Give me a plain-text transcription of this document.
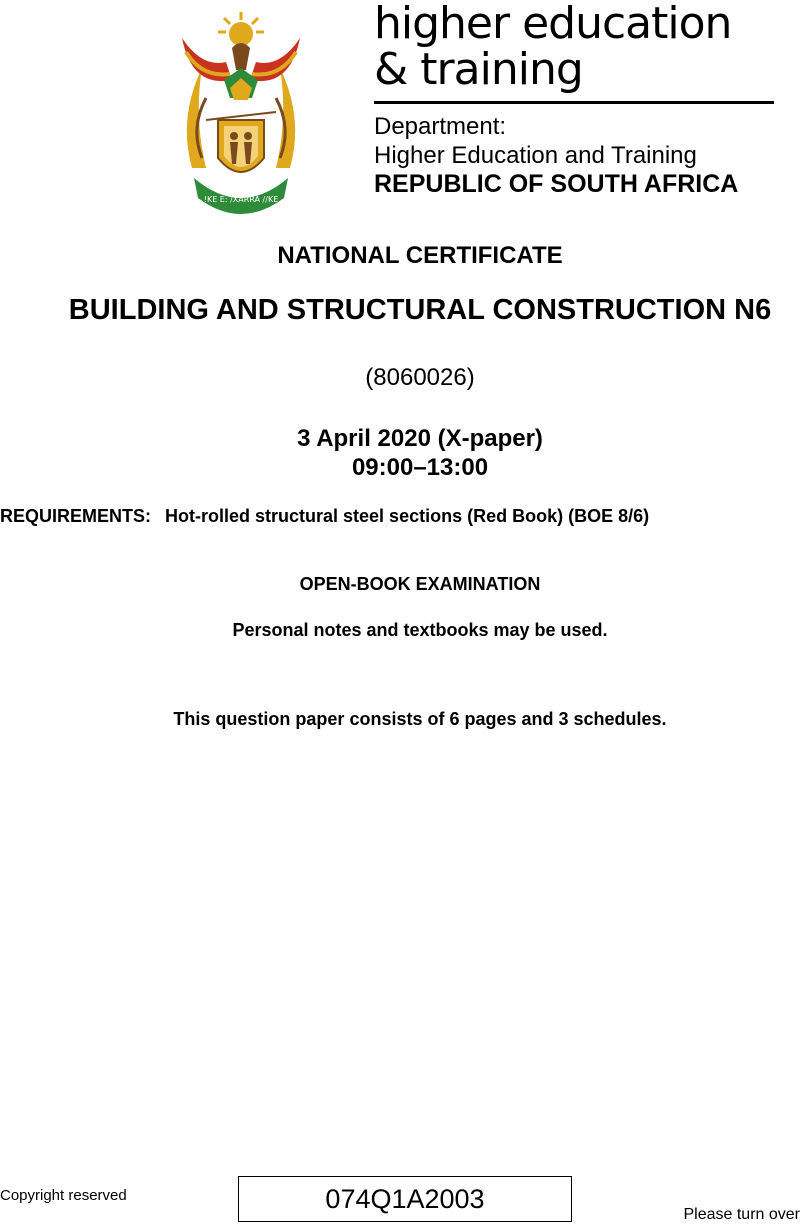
!KE E: /XARRA //KE
higher education
& training
Department:
Higher Education and Training
REPUBLIC OF SOUTH AFRICA
NATIONAL CERTIFICATE
BUILDING AND STRUCTURAL CONSTRUCTION N6
(8060026)
3 April 2020 (X-paper)
09:00–13:00
REQUIREMENTS: Hot-rolled structural steel sections (Red Book) (BOE 8/6)
OPEN-BOOK EXAMINATION
Personal notes and textbooks may be used.
This question paper consists of 6 pages and 3 schedules.
Copyright reserved	074Q1A2003
Please turn over
